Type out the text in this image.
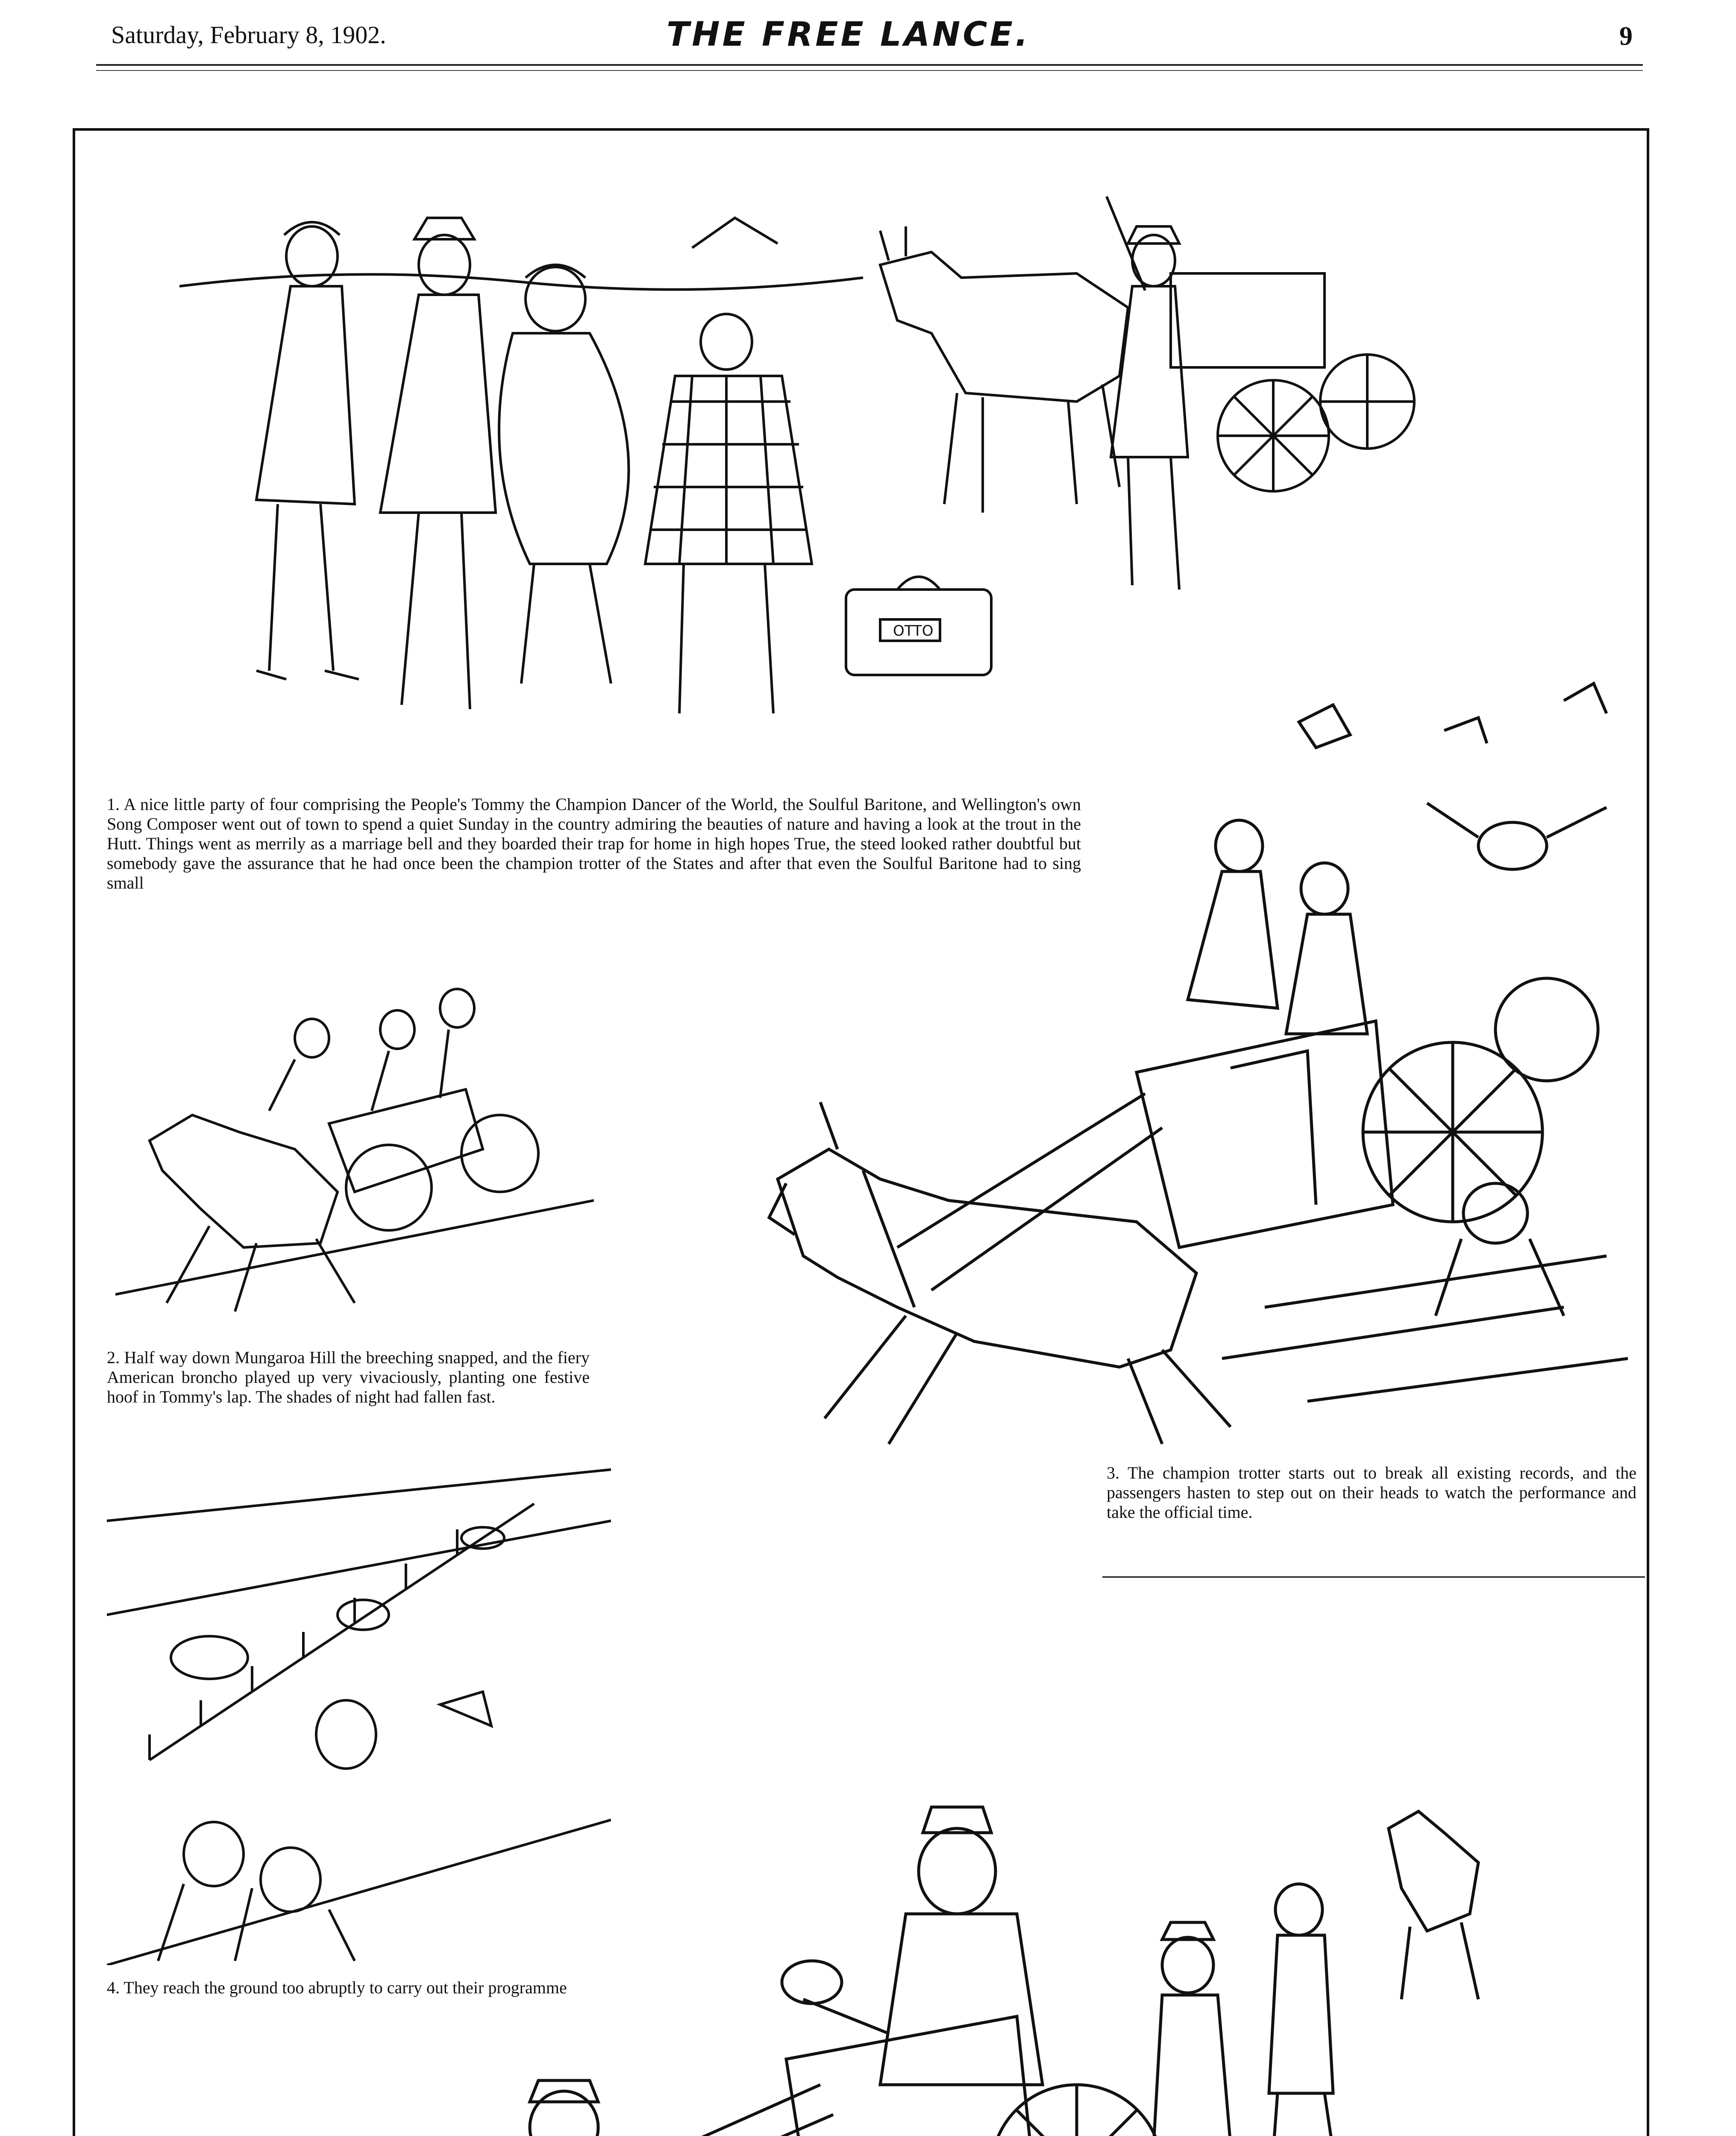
Saturday, February 8, 1902.	THE FREE LANCE.	9
OTTO

1. A nice little party of four comprising the People's Tommy the Champion Dancer of the World, the Soulful Baritone, and Wellington's own Song Composer went out of town to spend a quiet Sunday in the country admiring the beauties of nature and having a look at the trout in the Hutt. Things went as merrily as a marriage bell and they boarded their trap for home in high hopes True, the steed looked rather doubtful but somebody gave the assurance that he had once been the champion trotter of the States and after that even the Soulful Baritone had to sing small

2. Half way down Mungaroa Hill the breeching snapped, and the fiery American broncho played up very vivaciously, planting one festive hoof in Tommy's lap. The shades of night had fallen fast.

3. The champion trotter starts out to break all existing records, and the passengers hasten to step out on their heads to watch the performance and take the official time.

4. They reach the ground too abruptly to carry out their programme
